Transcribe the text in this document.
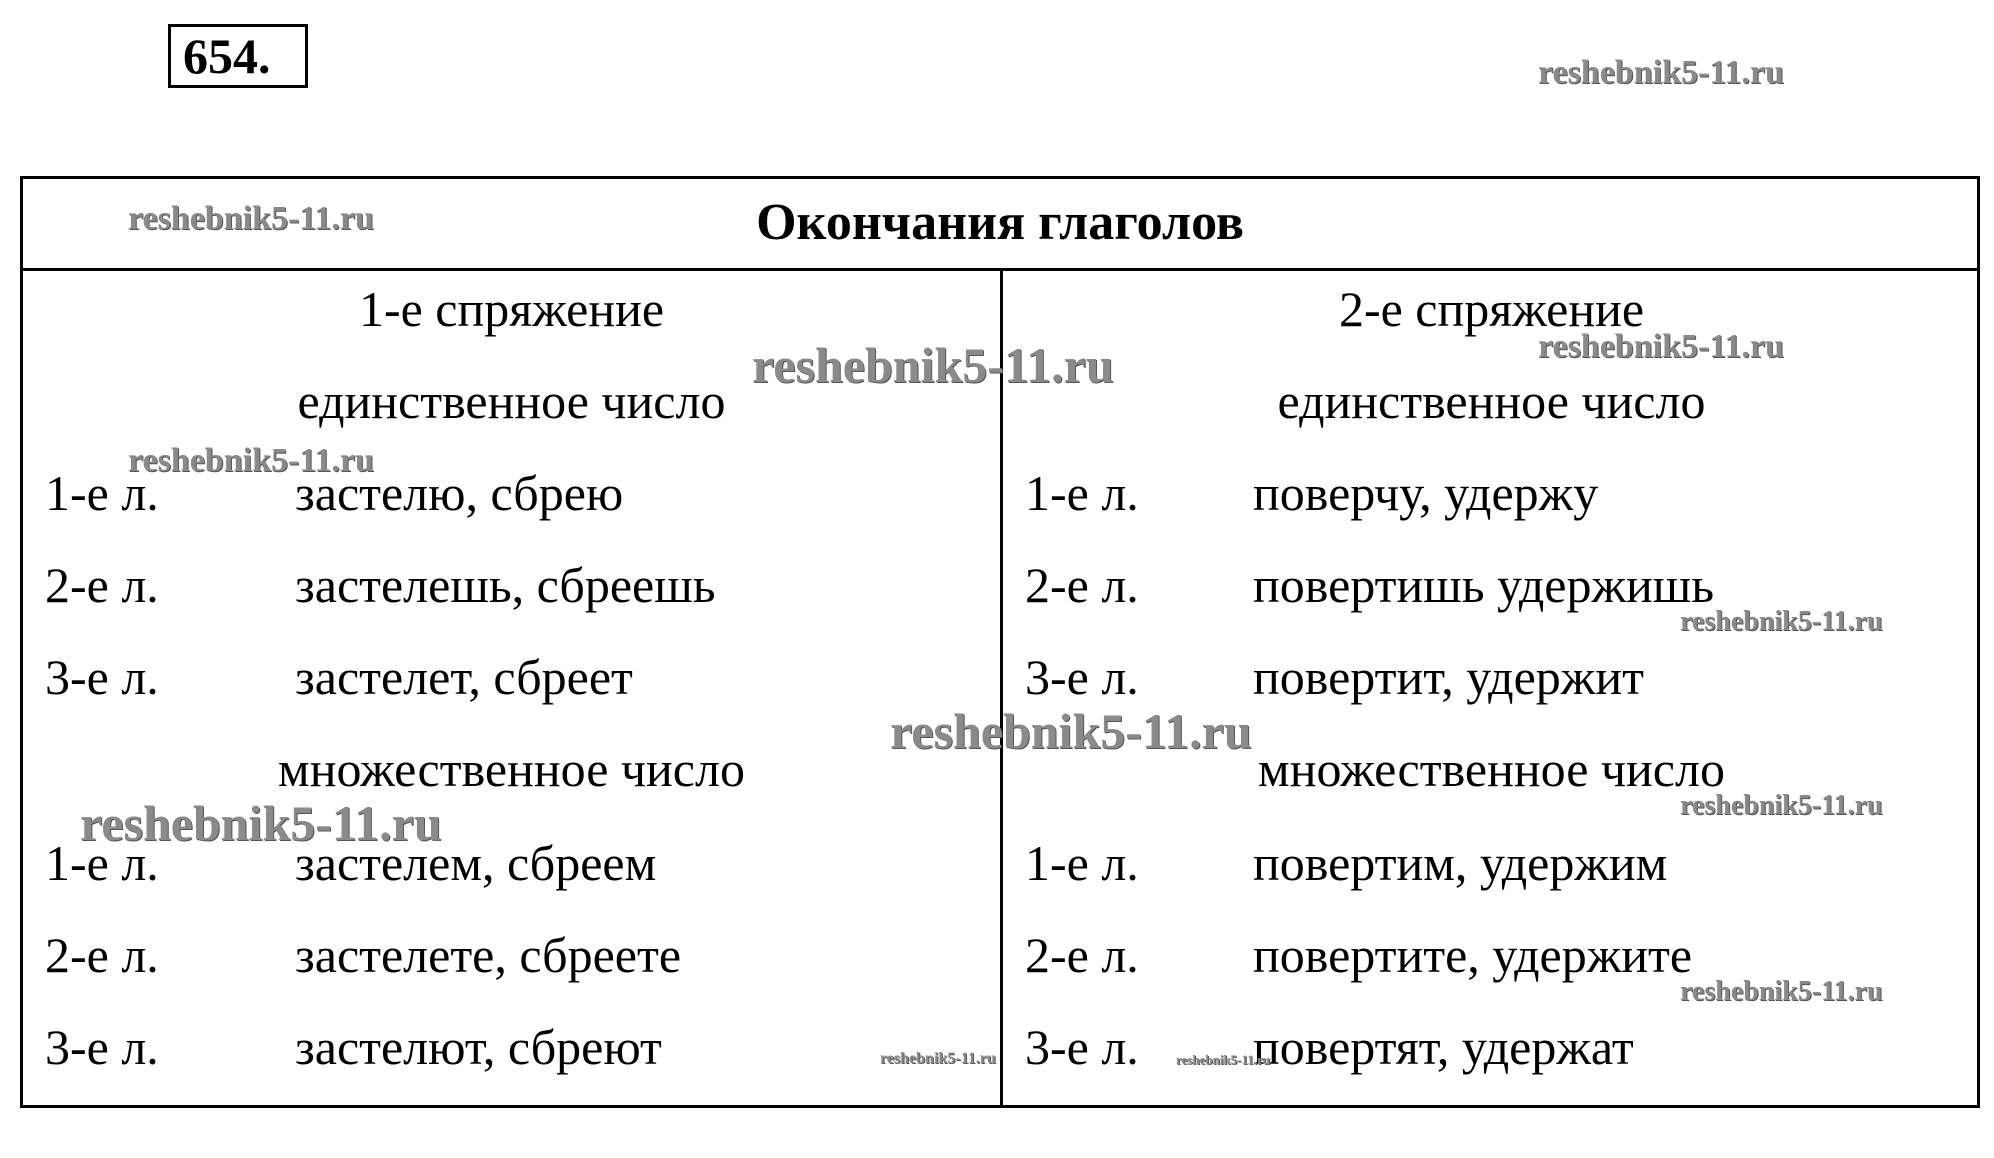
654.
Окончания глаголов
1-е спряжение
единственное число
1-е л.	застелю, сбрею
2-е л.	застелешь, сбреешь
3-е л.	застелет, сбреет
множественное число
1-е л.	застелем, сбреем
2-е л.	застелете, сбреете
3-е л.	застелют, сбреют
2-е спряжение
единственное число
1-е л. поверчу, удержу
2-е л. повертишь удержишь
3-е л. повертит, удержит
множественное число
1-е л. повертим, удержим
2-е л. повертите, удержите
3-е л. повертят, удержат
reshebnik5-11.ru
reshebnik5-11.ru
reshebnik5-11.ru	reshebnik5-11.ru
reshebnik5-11.ru
reshebnik5-11.ru
reshebnik5-11.ru
reshebnik5-11.ru	reshebnik5-11.ru
reshebnik5-11.ru
reshebnik5-11.ru	reshebnik5-11.ru
